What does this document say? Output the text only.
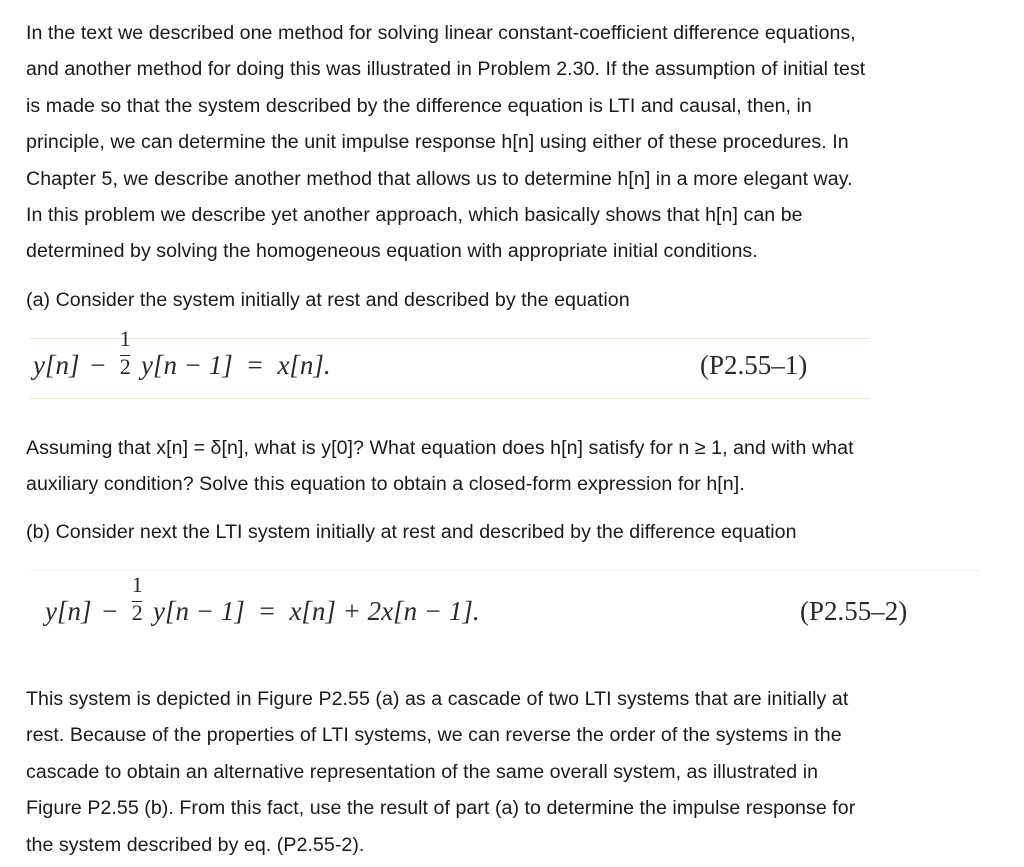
In the text we described one method for solving linear constant-coefficient difference equations,
and another method for doing this was illustrated in Problem 2.30. If the assumption of initial test
is made so that the system described by the difference equation is LTI and causal, then, in
principle, we can determine the unit impulse response h[n] using either of these procedures. In
Chapter 5, we describe another method that allows us to determine h[n] in a more elegant way.
In this problem we describe yet another approach, which basically shows that h[n] can be
determined by solving the homogeneous equation with appropriate initial conditions.
(a) Consider the system initially at rest and described by the equation
$y[n] - \frac{1}{2} y[n - 1] = x[n]$.	(P2.55–1)
Assuming that x[n] = δ[n], what is y[0]? What equation does h[n] satisfy for n ≥ 1, and with what
auxiliary condition? Solve this equation to obtain a closed-form expression for h[n].
(b) Consider next the LTI system initially at rest and described by the difference equation
$y[n] - \frac{1}{2} y[n - 1] = x[n] + 2x[n - 1]$.	(P2.55–2)
This system is depicted in Figure P2.55 (a) as a cascade of two LTI systems that are initially at
rest. Because of the properties of LTI systems, we can reverse the order of the systems in the
cascade to obtain an alternative representation of the same overall system, as illustrated in
Figure P2.55 (b). From this fact, use the result of part (a) to determine the impulse response for
the system described by eq. (P2.55-2).
